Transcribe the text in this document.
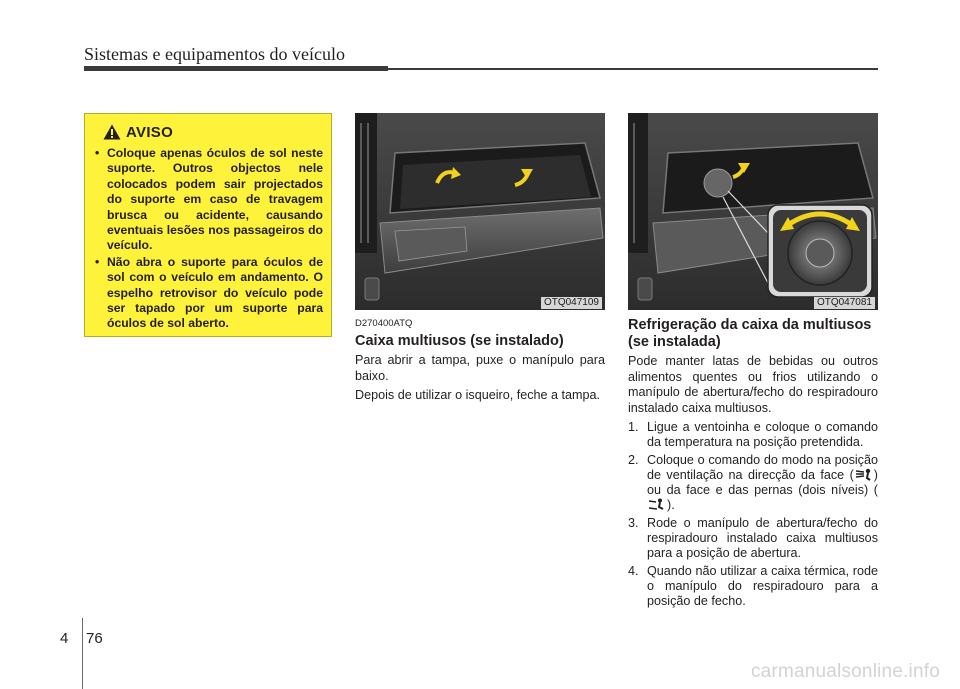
Sistemas e equipamentos do veículo
AVISO
• Coloque apenas óculos de sol neste suporte. Outros objectos nele colocados podem sair projectados do suporte em caso de travagem brusca ou acidente, causando eventuais lesões nos passageiros do veículo.
• Não abra o suporte para óculos de sol com o veículo em andamento. O espelho retrovisor do veículo pode ser tapado por um suporte para óculos de sol aberto.
OTQ047109	OTQ047081
D270400ATQ
Caixa multiusos (se instalado)

Para abrir a tampa, puxe o manípulo para baixo.

Depois de utilizar o isqueiro, feche a tampa.

Refrigeração da caixa da multiusos (se instalada)

Pode manter latas de bebidas ou outros alimentos quentes ou frios utilizando o manípulo de abertura/fecho do respiradouro instalado caixa multiusos.

1. Ligue a ventoinha e coloque o comando da temperatura na posição pretendida.
2. Coloque o comando do modo na posição de ventilação na direcção da face ( ) ou da face e das pernas (dois níveis) ().
3. Rode o manípulo de abertura/fecho do respiradouro instalado caixa multiusos para a posição de abertura.
4. Quando não utilizar a caixa térmica, rode o manípulo do respiradouro para a posição de fecho.
4 76
carmanualsonline.info
